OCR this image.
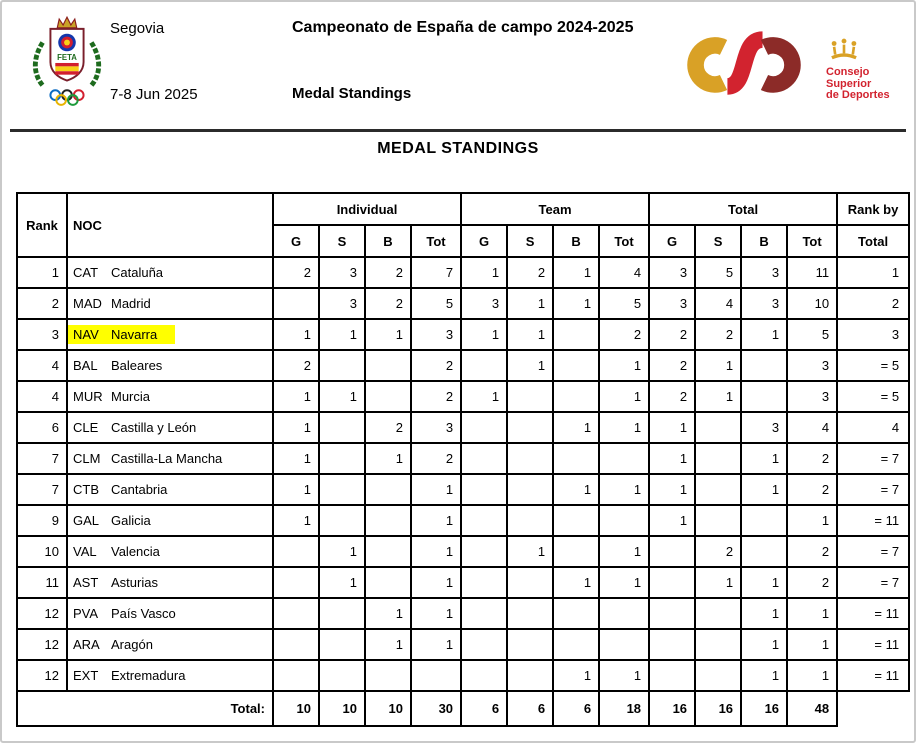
FETA
Segovia
7-8 Jun 2025
Campeonato de España de campo 2024-2025
Medal Standings
Consejo
Superior
de Deportes
MEDAL STANDINGS
Rank	NOC	Individual				Team				Total				Rank by
		G	S	B	Tot	G	S	B	Tot	G	S	B	Tot	Total
1	CAT Cataluña	2	3	2	7	1	2	1	4	3	5	3	11	1
2	MAD Madrid		3	2	5	3	1	1	5	3	4	3	10	2
3	NAV Navarra	1	1	1	3	1	1		2	2	2	1	5	3
4	BAL Baleares	2			2		1		1	2	1		3	= 5
4	MUR Murcia	1	1		2	1			1	2	1		3	= 5
6	CLE Castilla y León	1		2	3			1	1	1		3	4	4
7	CLM Castilla-La Mancha	1		1	2					1		1	2	= 7
7	CTB Cantabria	1			1			1	1	1		1	2	= 7
9	GAL Galicia	1			1					1			1	= 11
10	VAL Valencia		1		1		1		1		2		2	= 7
11	AST Asturias		1		1			1	1		1	1	2	= 7
12	PVA País Vasco			1	1							1	1	= 11
12	ARA Aragón			1	1							1	1	= 11
12	EXT Extremadura							1	1			1	1	= 11
Total:		10	10	10	30	6	6	6	18	16	16	16	48	
